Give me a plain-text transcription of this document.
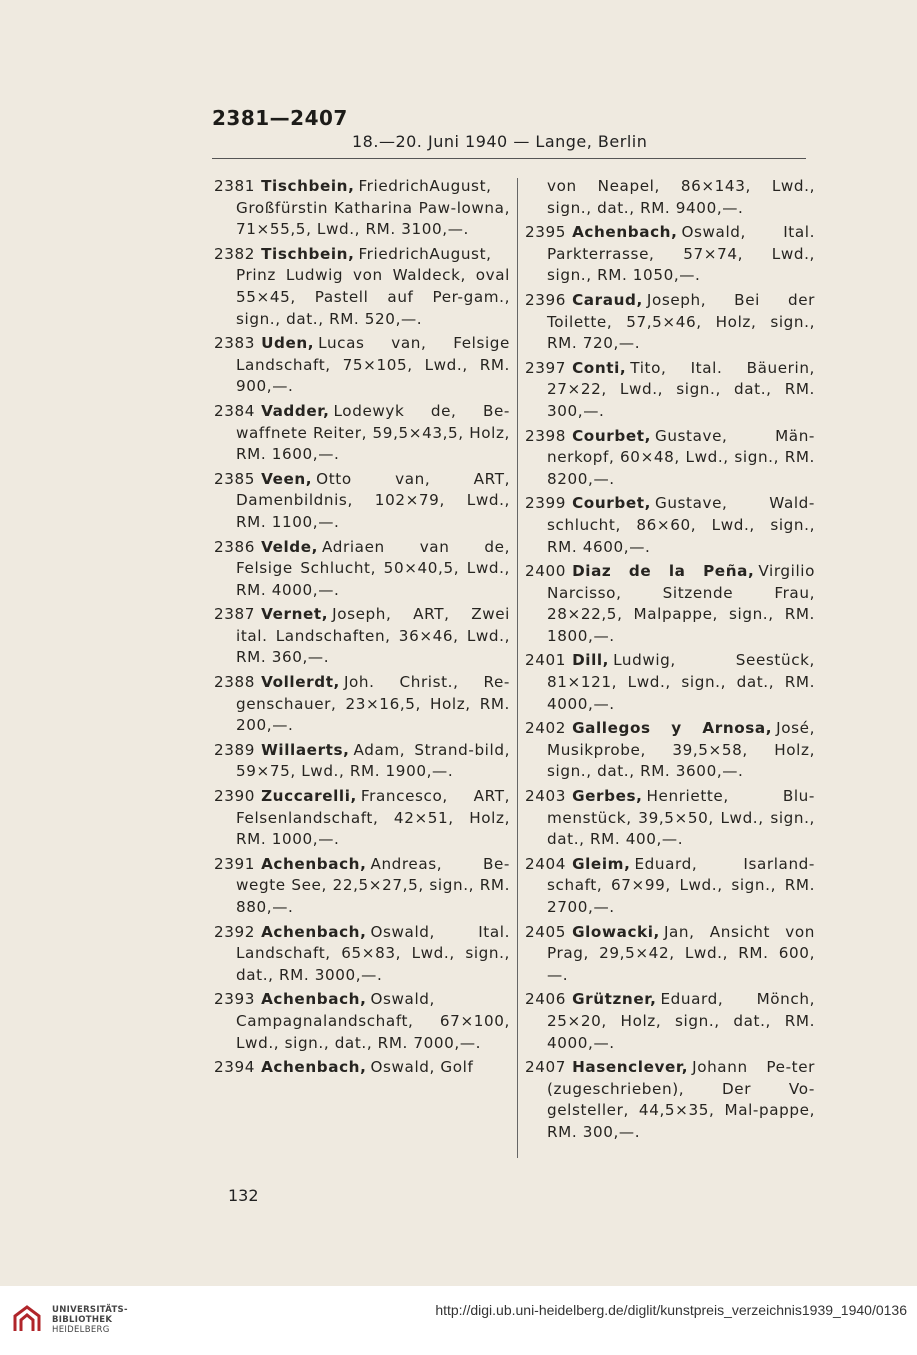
2381—2407
18.—20. Juni 1940 — Lange, Berlin

2381 Tischbein, FriedrichAugust, Großfürstin Katharina Paw-lowna, 71×55,5, Lwd., RM. 3100,—.

2382 Tischbein, FriedrichAugust, Prinz Ludwig von Waldeck, oval 55×45, Pastell auf Per-gam., sign., dat., RM. 520,—.

2383 Uden, Lucas van, Felsige Landschaft, 75×105, Lwd., RM. 900,—.

2384 Vadder, Lodewyk de, Be-waffnete Reiter, 59,5×43,5, Holz, RM. 1600,—.

2385 Veen, Otto van, ART, Damenbildnis, 102×79, Lwd., RM. 1100,—.

2386 Velde, Adriaen van de, Felsige Schlucht, 50×40,5, Lwd., RM. 4000,—.

2387 Vernet, Joseph, ART, Zwei ital. Landschaften, 36×46, Lwd., RM. 360,—.

2388 Vollerdt, Joh. Christ., Re-genschauer, 23×16,5, Holz, RM. 200,—.

2389 Willaerts, Adam, Strand-bild, 59×75, Lwd., RM. 1900,—.

2390 Zuccarelli, Francesco, ART, Felsenlandschaft, 42×51, Holz, RM. 1000,—.

2391 Achenbach, Andreas, Be-wegte See, 22,5×27,5, sign., RM. 880,—.

2392 Achenbach, Oswald, Ital. Landschaft, 65×83, Lwd., sign., dat., RM. 3000,—.

2393 Achenbach, Oswald, Campagnalandschaft, 67×100, Lwd., sign., dat., RM. 7000,—.

2394 Achenbach, Oswald, Golf

von Neapel, 86×143, Lwd., sign., dat., RM. 9400,—.

2395 Achenbach, Oswald, Ital. Parkterrasse, 57×74, Lwd., sign., RM. 1050,—.

2396 Caraud, Joseph, Bei der Toilette, 57,5×46, Holz, sign., RM. 720,—.

2397 Conti, Tito, Ital. Bäuerin, 27×22, Lwd., sign., dat., RM. 300,—.

2398 Courbet, Gustave, Män-nerkopf, 60×48, Lwd., sign., RM. 8200,—.

2399 Courbet, Gustave, Wald-schlucht, 86×60, Lwd., sign., RM. 4600,—.

2400 Diaz de la Peña, Virgilio Narcisso, Sitzende Frau, 28×22,5, Malpappe, sign., RM. 1800,—.

2401 Dill, Ludwig, Seestück, 81×121, Lwd., sign., dat., RM. 4000,—.

2402 Gallegos y Arnosa, José, Musikprobe, 39,5×58, Holz, sign., dat., RM. 3600,—.

2403 Gerbes, Henriette, Blu-menstück, 39,5×50, Lwd., sign., dat., RM. 400,—.

2404 Gleim, Eduard, Isarland-schaft, 67×99, Lwd., sign., RM. 2700,—.

2405 Glowacki, Jan, Ansicht von Prag, 29,5×42, Lwd., RM. 600,—.

2406 Grützner, Eduard, Mönch, 25×20, Holz, sign., dat., RM. 4000,—.

2407 Hasenclever, Johann Pe-ter (zugeschrieben), Der Vo-gelsteller, 44,5×35, Mal-pappe, RM. 300,—.

132
UNIVERSITÄTS-
BIBLIOTHEK
HEIDELBERG
http://digi.ub.uni-heidelberg.de/diglit/kunstpreis_verzeichnis1939_1940/0136
